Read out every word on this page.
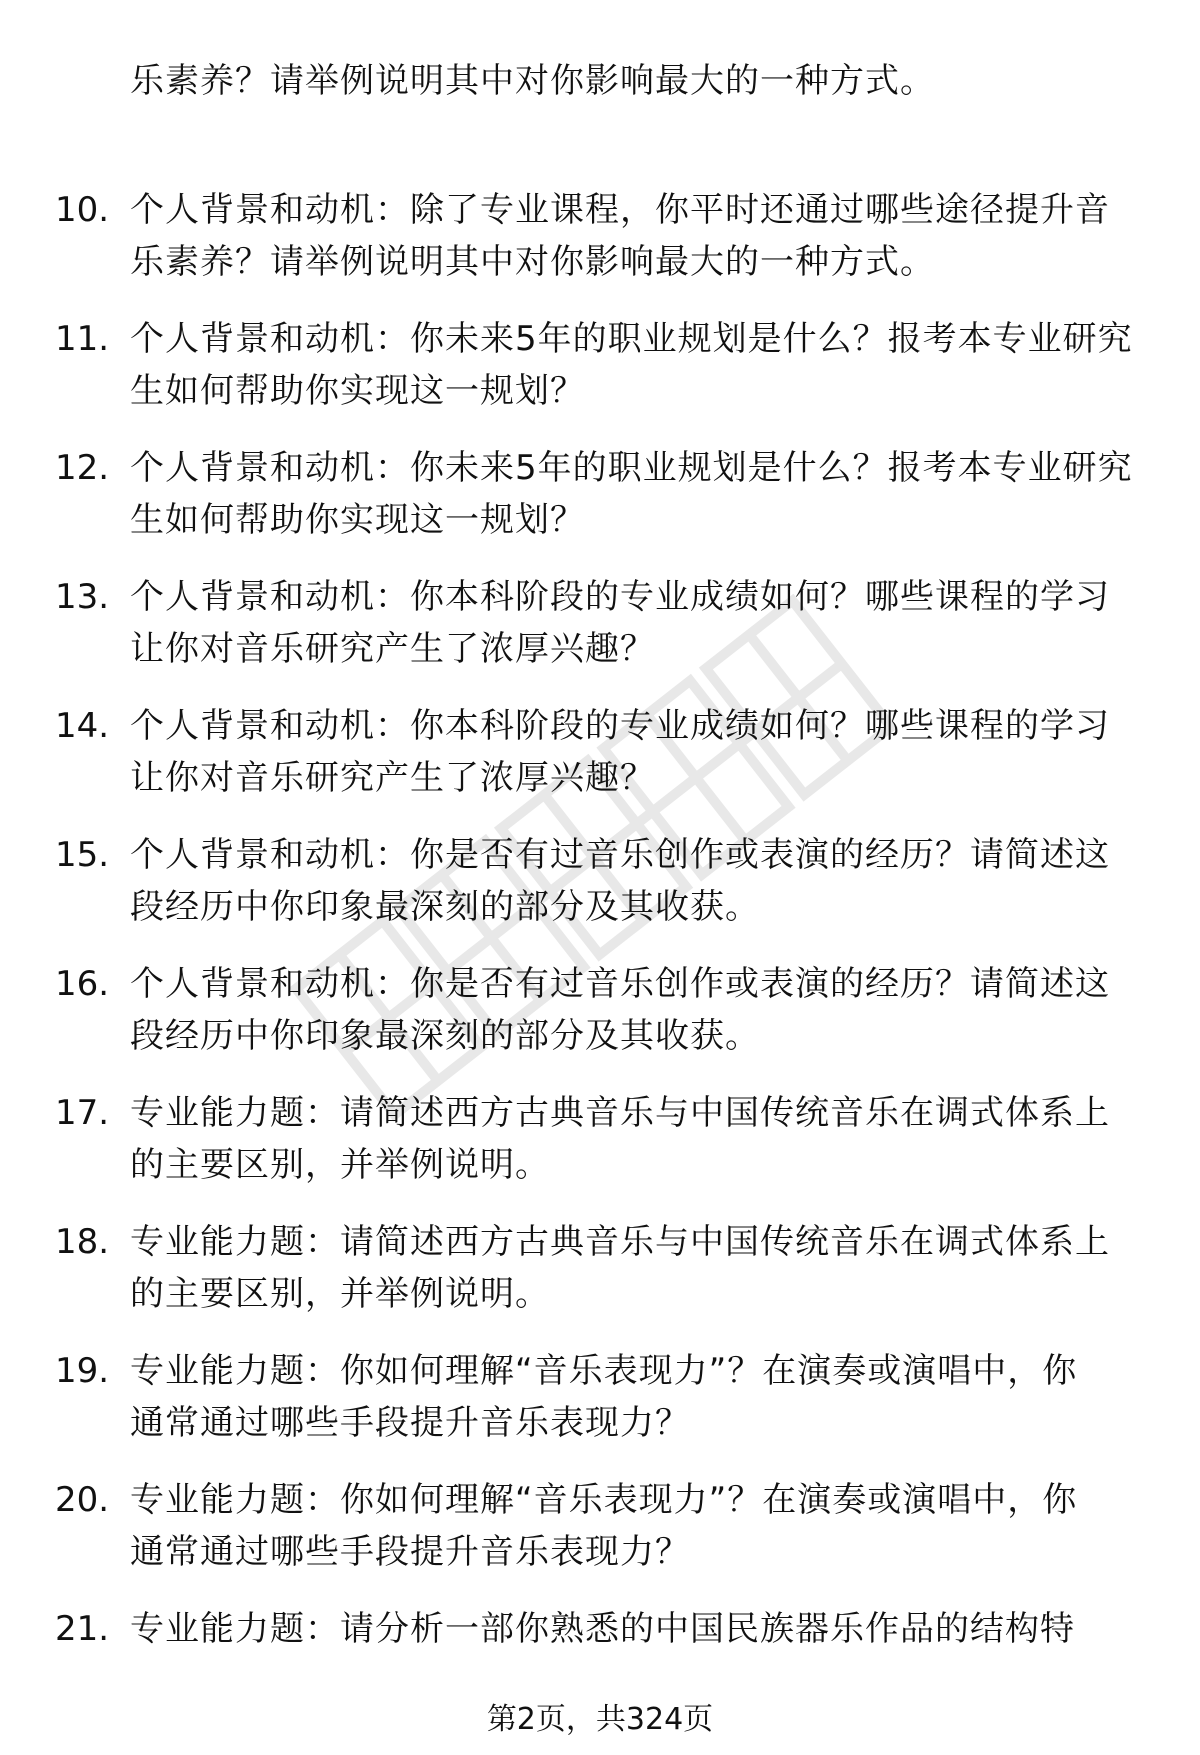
乐素养？请举例说明其中对你影响最大的一种方式。
10. 个人背景和动机：除了专业课程，你平时还通过哪些途径提升音
乐素养？请举例说明其中对你影响最大的一种方式。
11. 个人背景和动机：你未来5年的职业规划是什么？报考本专业研究
生如何帮助你实现这一规划？
12. 个人背景和动机：你未来5年的职业规划是什么？报考本专业研究
生如何帮助你实现这一规划？
13. 个人背景和动机：你本科阶段的专业成绩如何？哪些课程的学习
让你对音乐研究产生了浓厚兴趣？
14. 个人背景和动机：你本科阶段的专业成绩如何？哪些课程的学习
让你对音乐研究产生了浓厚兴趣？
15. 个人背景和动机：你是否有过音乐创作或表演的经历？请简述这
段经历中你印象最深刻的部分及其收获。
16. 个人背景和动机：你是否有过音乐创作或表演的经历？请简述这
段经历中你印象最深刻的部分及其收获。
17. 专业能力题：请简述西方古典音乐与中国传统音乐在调式体系上
的主要区别，并举例说明。
18. 专业能力题：请简述西方古典音乐与中国传统音乐在调式体系上
的主要区别，并举例说明。
19. 专业能力题：你如何理解“音乐表现力”？在演奏或演唱中，你
通常通过哪些手段提升音乐表现力？
20. 专业能力题：你如何理解“音乐表现力”？在演奏或演唱中，你
通常通过哪些手段提升音乐表现力？
21. 专业能力题：请分析一部你熟悉的中国民族器乐作品的结构特
第2页，共324页
